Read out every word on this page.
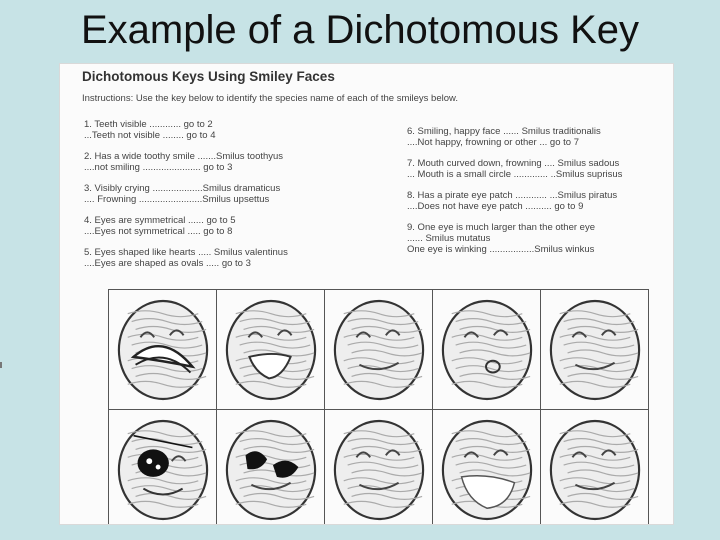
Example of a Dichotomous Key
Dichotomous Keys Using Smiley Faces
Instructions: Use the key below to identify the species name of each of the smileys below.
1. Teeth visible ............ go to 2
...Teeth not visible ........ go to 4
2. Has a wide toothy smile .......Smilus toothyus
....not smiling ...................... go to 3
3. Visibly crying ...................Smilus dramaticus
.... Frowning ........................Smilus upsettus
4. Eyes are symmetrical ...... go to 5
....Eyes not symmetrical ..... go to 8
5. Eyes shaped like hearts ..... Smilus valentinus
....Eyes are shaped as ovals ..... go to 3
6. Smiling, happy face ...... Smilus traditionalis
....Not happy, frowning or other ... go to 7
7. Mouth curved down, frowning .... Smilus sadous
... Mouth is a small circle ............. ..Smilus suprisus
8. Has a pirate eye patch ............ ...Smilus piratus
....Does not have eye patch .......... go to 9
9. One eye is much larger than the other eye
...... Smilus mutatus
One eye is winking .................Smilus winkus
